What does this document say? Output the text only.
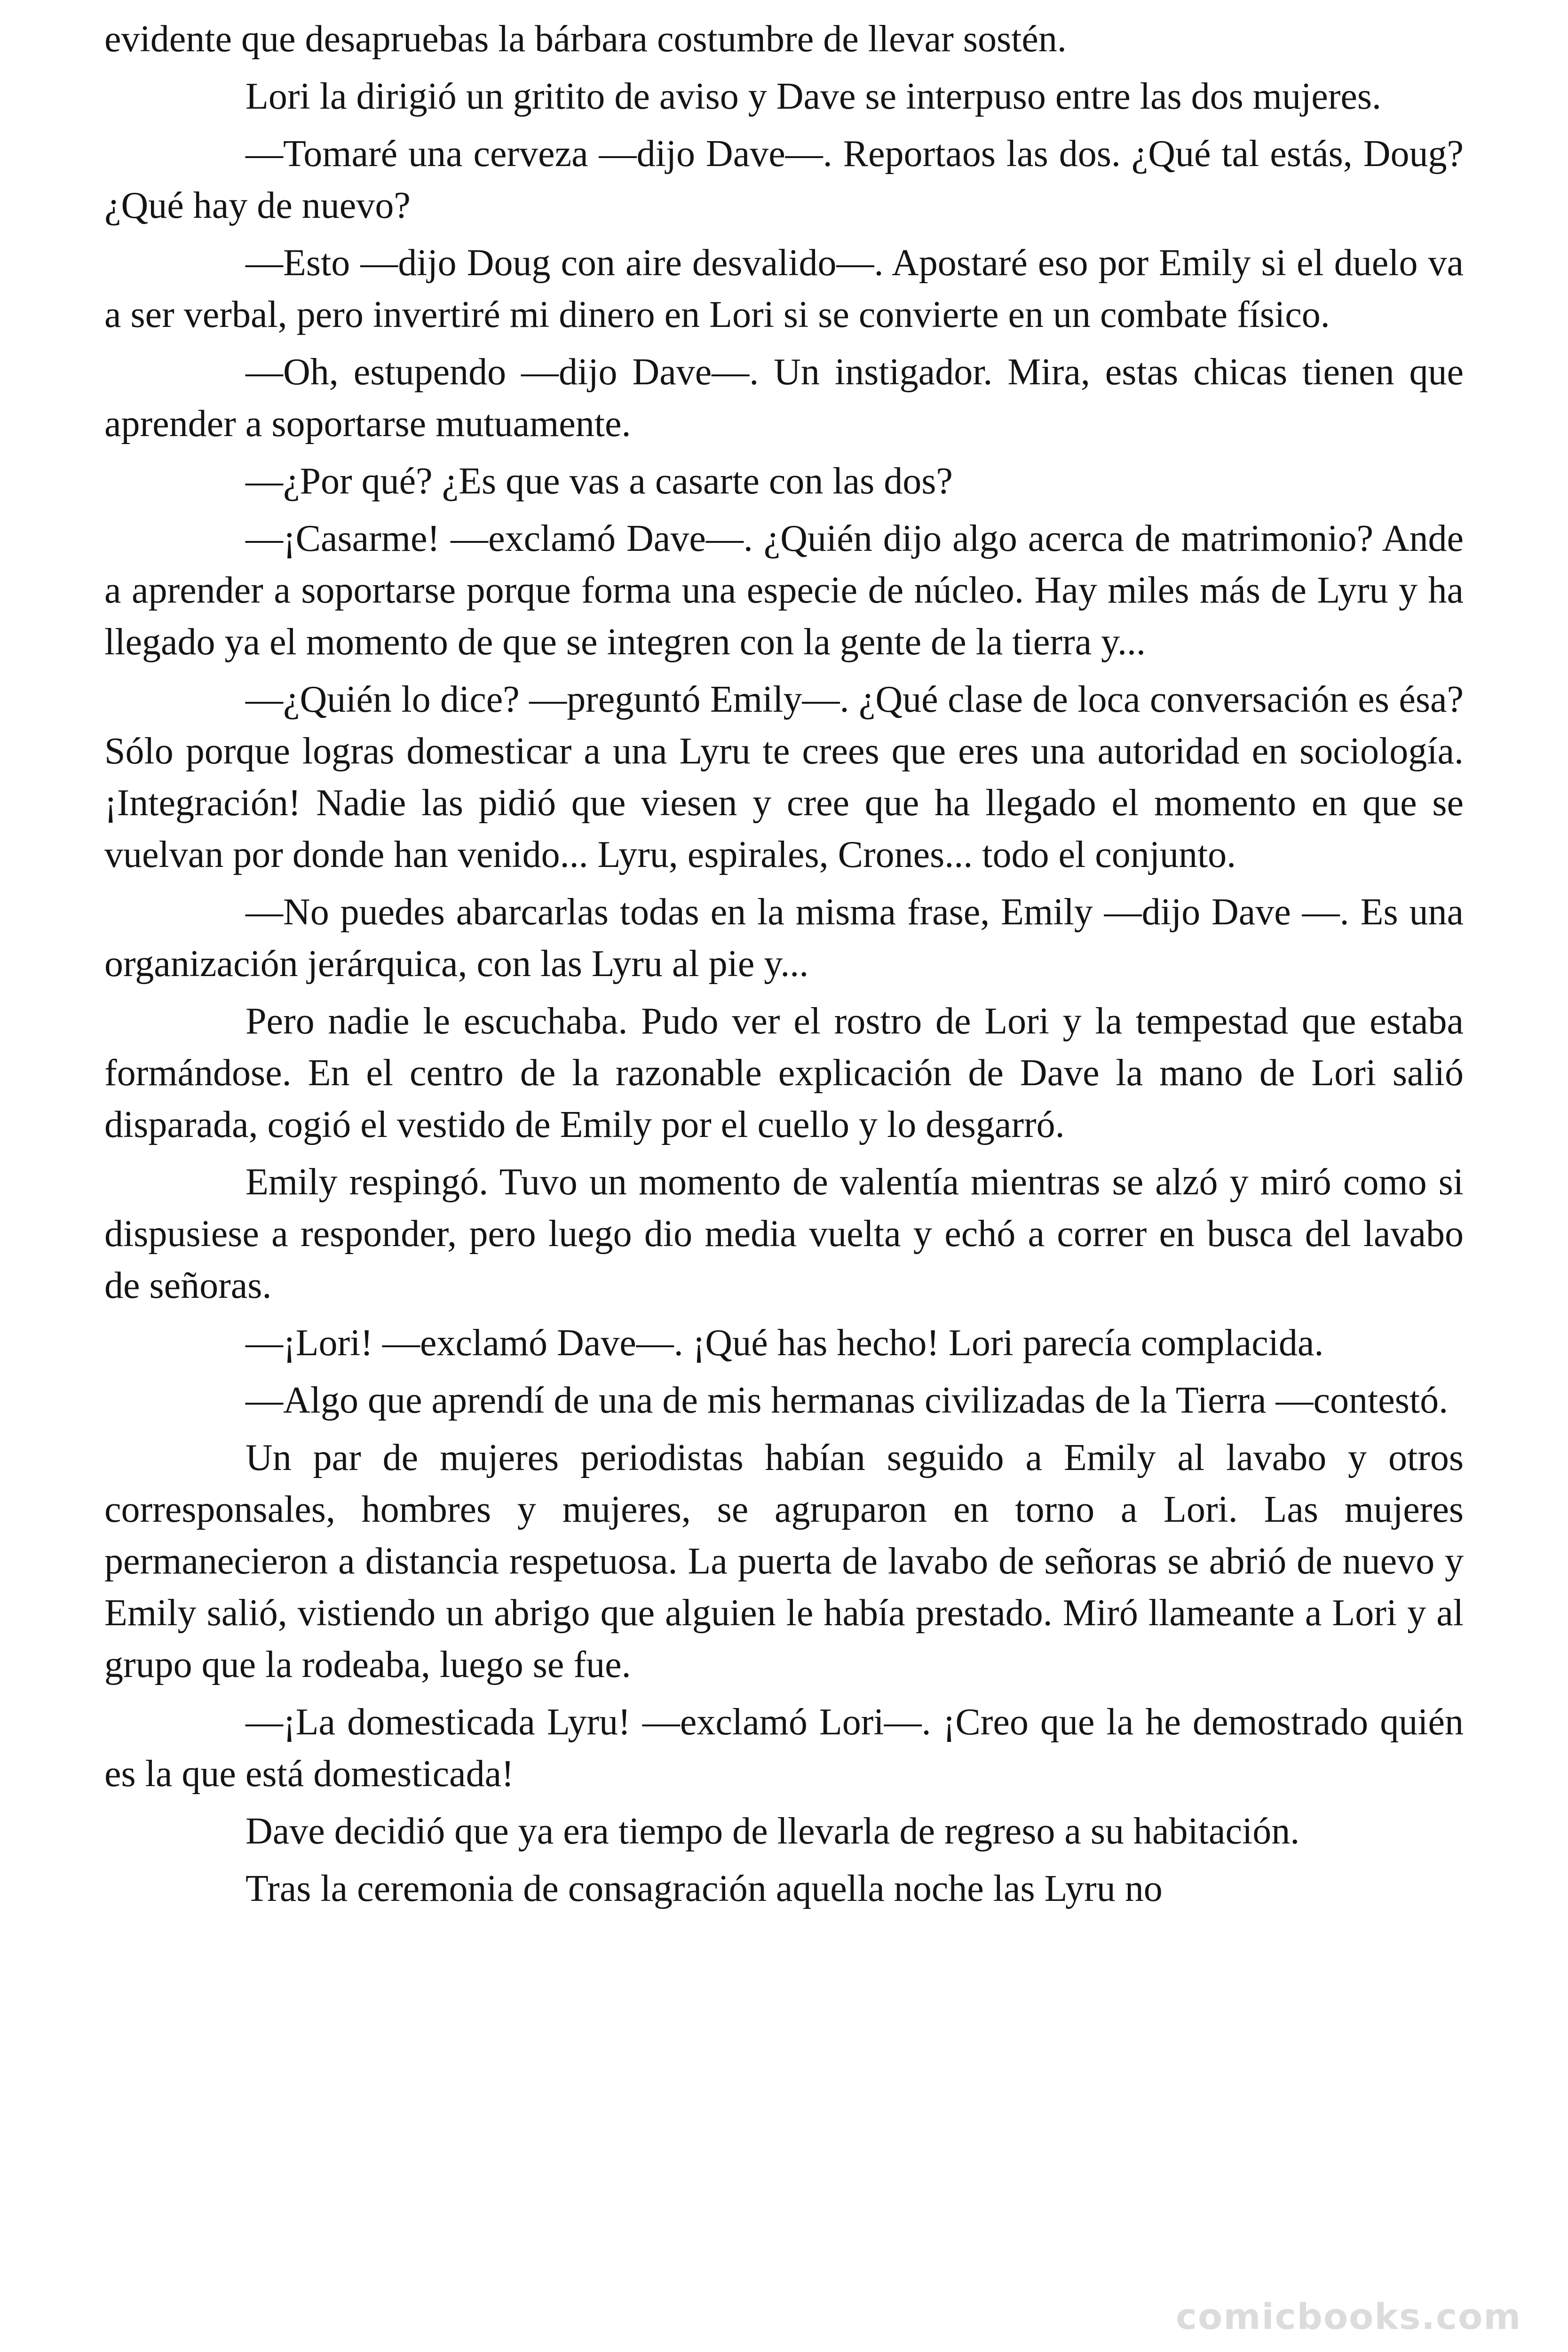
evidente que desapruebas la bárbara costumbre de llevar sostén.

Lori la dirigió un gritito de aviso y Dave se interpuso entre las dos mujeres.

—Tomaré una cerveza —dijo Dave—. Reportaos las dos. ¿Qué tal estás, Doug? ¿Qué hay de nuevo?

—Esto —dijo Doug con aire desvalido—. Apostaré eso por Emily si el duelo va a ser verbal, pero invertiré mi dinero en Lori si se convierte en un combate físico.

—Oh, estupendo —dijo Dave—. Un instigador. Mira, estas chicas tienen que aprender a soportarse mutuamente.

—¿Por qué? ¿Es que vas a casarte con las dos?

—¡Casarme! —exclamó Dave—. ¿Quién dijo algo acerca de matrimonio? Ande a aprender a soportarse porque forma una especie de núcleo. Hay miles más de Lyru y ha llegado ya el momento de que se integren con la gente de la tierra y...

—¿Quién lo dice? —preguntó Emily—. ¿Qué clase de loca conversación es ésa? Sólo porque logras domesticar a una Lyru te crees que eres una autoridad en sociología. ¡Integración! Nadie las pidió que viesen y cree que ha llegado el momento en que se vuelvan por donde han venido... Lyru, espirales, Crones... todo el conjunto.

—No puedes abarcarlas todas en la misma frase, Emily —dijo Dave —. Es una organización jerárquica, con las Lyru al pie y...

Pero nadie le escuchaba. Pudo ver el rostro de Lori y la tempestad que estaba formándose. En el centro de la razonable explicación de Dave la mano de Lori salió disparada, cogió el vestido de Emily por el cuello y lo desgarró.

Emily respingó. Tuvo un momento de valentía mientras se alzó y miró como si dispusiese a responder, pero luego dio media vuelta y echó a correr en busca del lavabo de señoras.

—¡Lori! —exclamó Dave—. ¡Qué has hecho! Lori parecía complacida.

—Algo que aprendí de una de mis hermanas civilizadas de la Tierra —contestó.

Un par de mujeres periodistas habían seguido a Emily al lavabo y otros corresponsales, hombres y mujeres, se agruparon en torno a Lori. Las mujeres permanecieron a distancia respetuosa. La puerta de lavabo de señoras se abrió de nuevo y Emily salió, vistiendo un abrigo que alguien le había prestado. Miró llameante a Lori y al grupo que la rodeaba, luego se fue.

—¡La domesticada Lyru! —exclamó Lori—. ¡Creo que la he demostrado quién es la que está domesticada!

Dave decidió que ya era tiempo de llevarla de regreso a su habitación.

Tras la ceremonia de consagración aquella noche las Lyru no

comicbooks.com
